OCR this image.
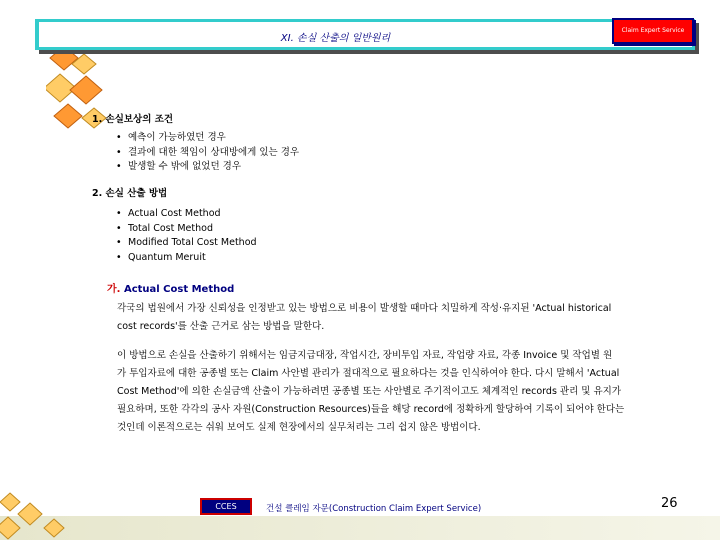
XI. 손실 산출의 일반원리
Claim Expert Service
1. 손실보상의 조건
• 예측이 가능하였던 경우
• 결과에 대한 책임이 상대방에게 있는 경우
• 발생할 수 밖에 없었던 경우
2. 손실 산출 방법
• Actual Cost Method
• Total Cost Method
• Modified Total Cost Method
• Quantum Meruit
가. Actual Cost Method
각국의 법원에서 가장 신뢰성을 인정받고 있는 방법으로 비용이 발생할 때마다 치밀하게 작성·유지된 'Actual historical
cost records'를 산출 근거로 삼는 방법을 말한다.
이 방법으로 손실을 산출하기 위해서는 임금지급대장, 작업시간, 장비투입 자료, 작업량 자료, 각종 Invoice 및 작업별 원
가 투입자료에 대한 공종별 또는 Claim 사안별 관리가 절대적으로 필요하다는 것을 인식하여야 한다. 다시 말해서 'Actual
Cost Method'에 의한 손실금액 산출이 가능하려면 공종별 또는 사안별로 주기적이고도 체계적인 records 관리 및 유지가
필요하며, 또한 각각의 공사 자원(Construction Resources)들을 해당 record에 정확하게 할당하여 기록이 되어야 한다는
것인데 이론적으로는 쉬워 보여도 실제 현장에서의 실무처리는 그리 쉽지 않은 방법이다.
CCES	건설 클레임 자문(Construction Claim Expert Service)	26
